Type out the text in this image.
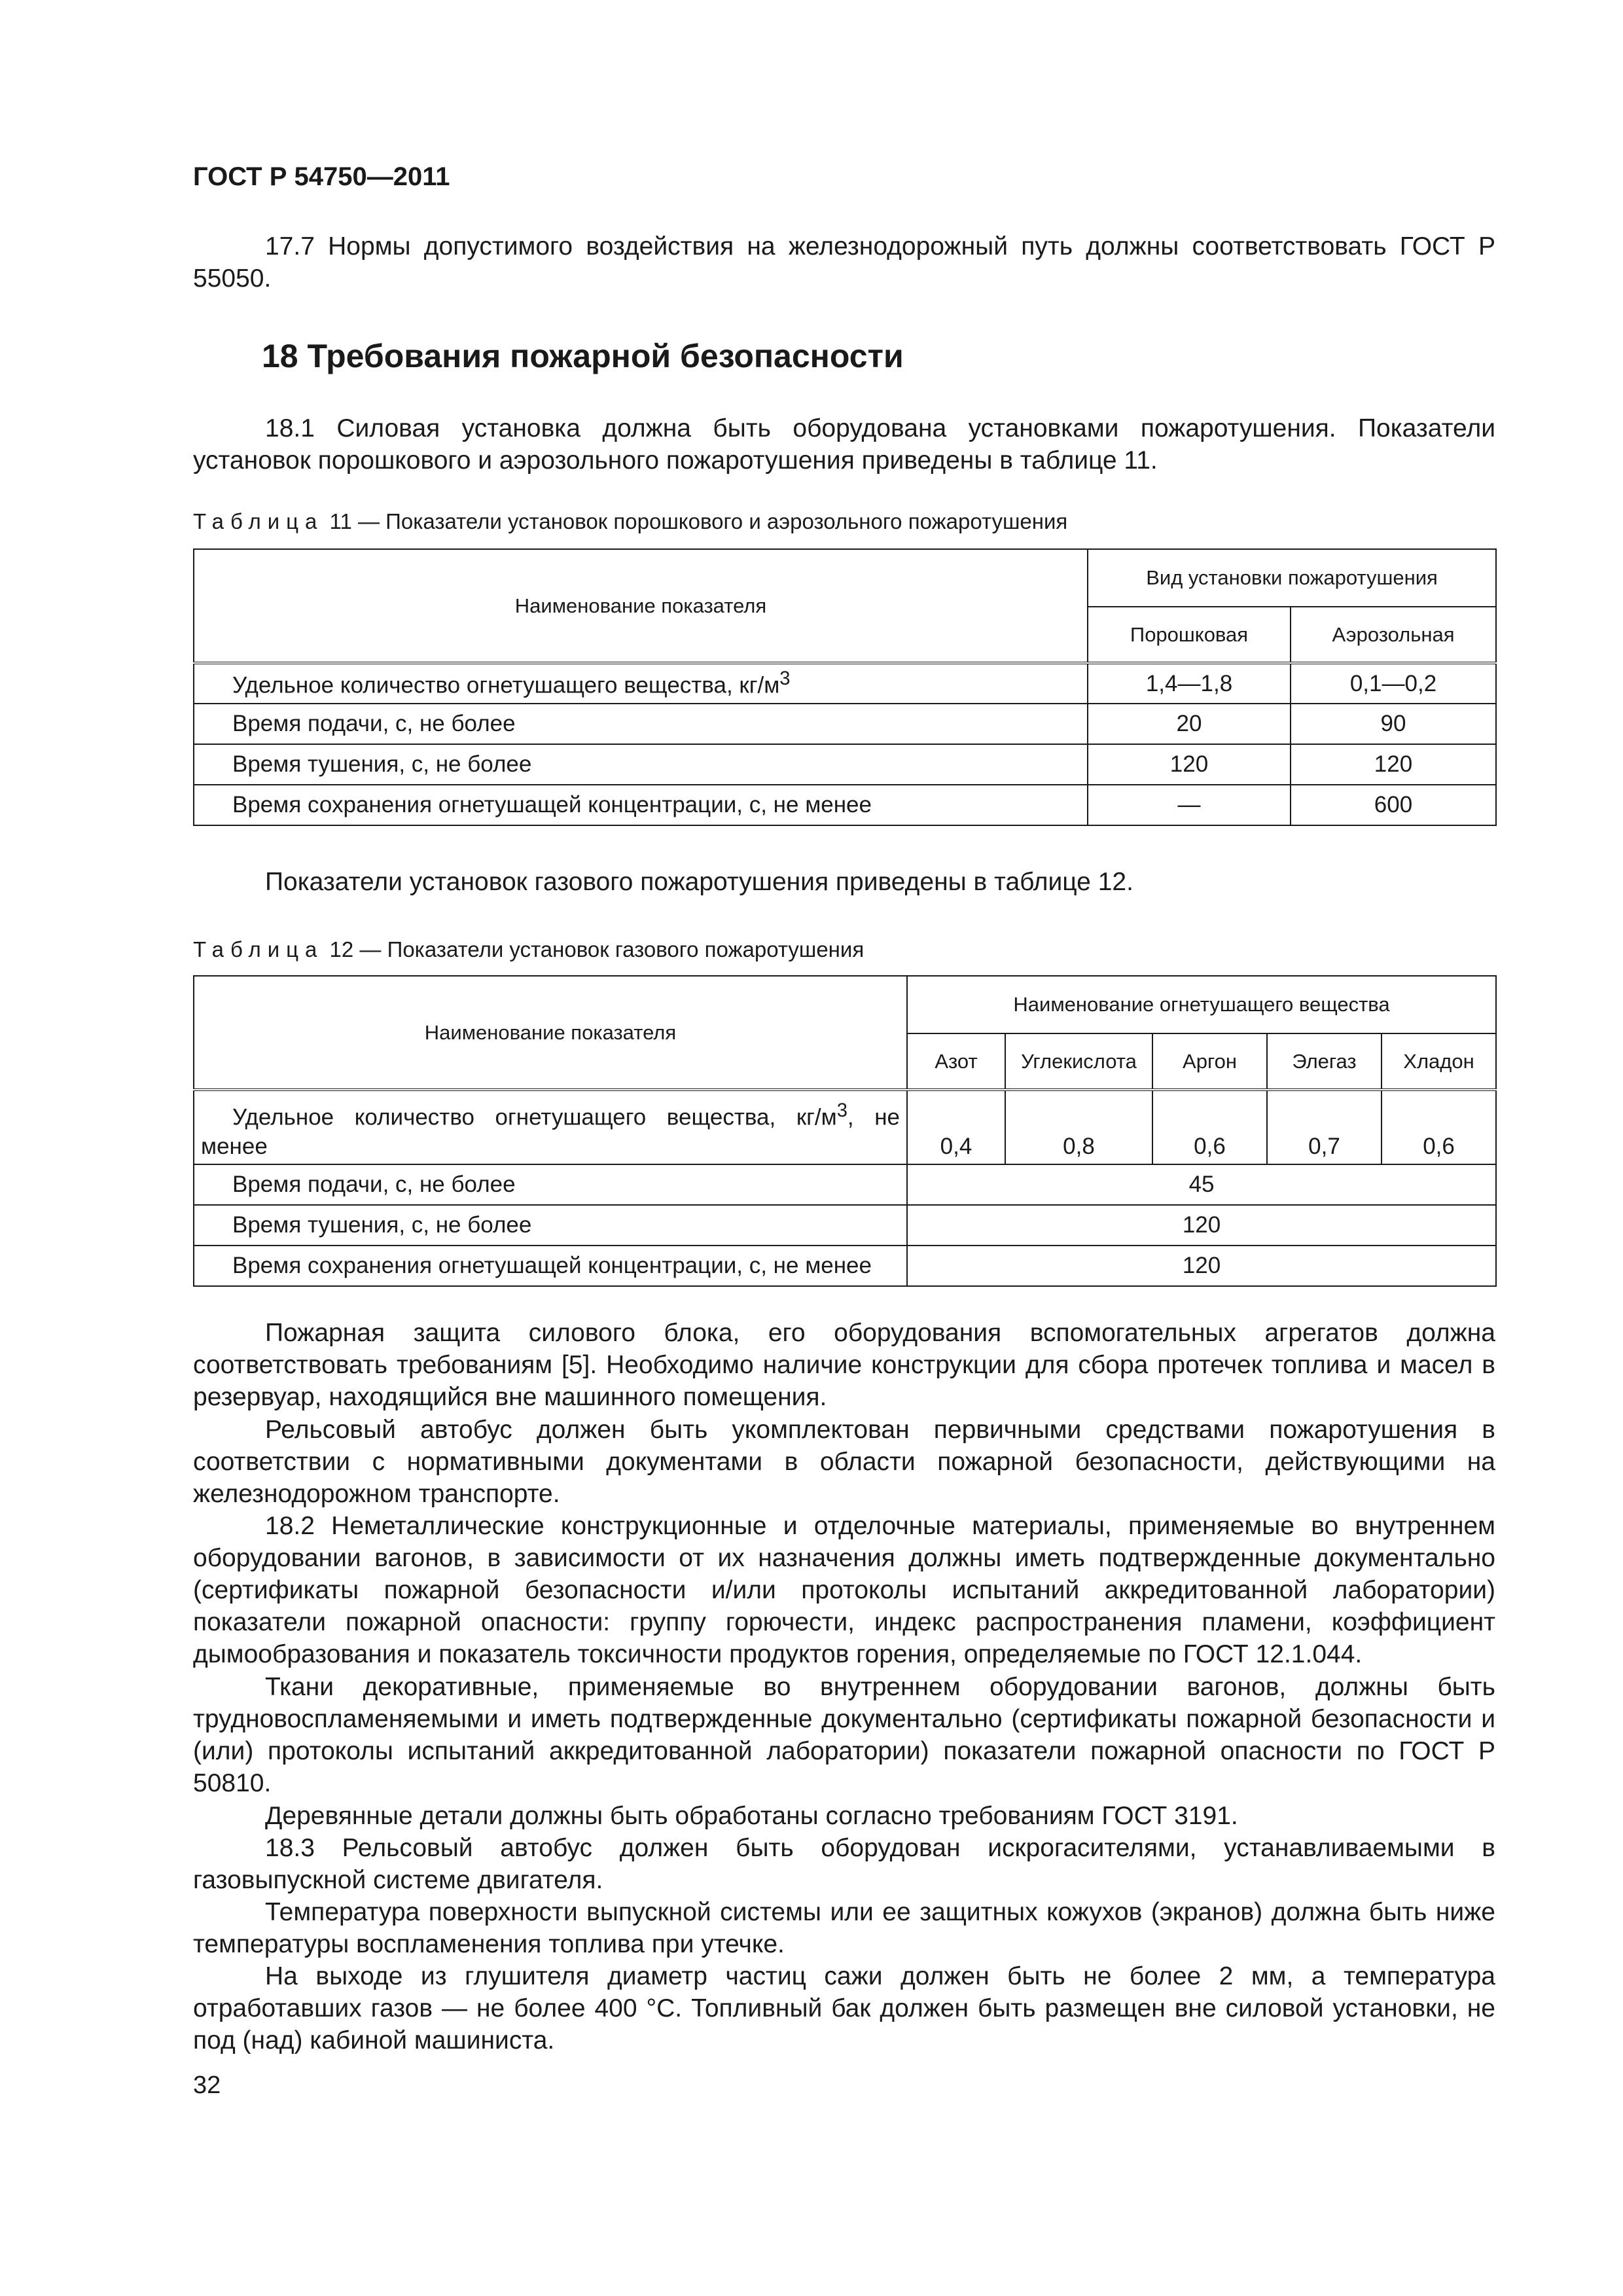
ГОСТ Р 54750—2011

17.7 Нормы допустимого воздействия на железнодорожный путь должны соответствовать ГОСТ Р 55050.

18 Требования пожарной безопасности

18.1 Силовая установка должна быть оборудована установками пожаротушения. Показатели установок порошкового и аэрозольного пожаротушения приведены в таблице 11.

Таблица 11 — Показатели установок порошкового и аэрозольного пожаротушения
Наименование показателя	Вид установки пожаротушения	
	Порошковая	Аэрозольная
Удельное количество огнетушащего вещества, $кг/м^3$	1,4—1,8	0,1—0,2
Время подачи, с, не более	20	90
Время тушения, с, не более	120	120
Время сохранения огнетушащей концентрации, с, не менее	—	600

Показатели установок газового пожаротушения приведены в таблице 12.

Таблица 12 — Показатели установок газового пожаротушения
Наименование показателя	Наименование огнетушащего вещества				
	Азот	Углекислота	Аргон	Элегаз	Хладон

Удельное количество огнетушащего вещества, $кг/м^3$, не менее	0,4	0,8	0,6	0,7	0,6
Время подачи, с, не более	45				
Время тушения, с, не более	120				
Время сохранения огнетушащей концентрации, с, не менее	120				

Пожарная защита силового блока, его оборудования вспомогательных агрегатов должна соответствовать требованиям [5]. Необходимо наличие конструкции для сбора протечек топлива и масел в резервуар, находящийся вне машинного помещения.

Рельсовый автобус должен быть укомплектован первичными средствами пожаротушения в соответствии с нормативными документами в области пожарной безопасности, действующими на железнодорожном транспорте.

18.2 Неметаллические конструкционные и отделочные материалы, применяемые во внутреннем оборудовании вагонов, в зависимости от их назначения должны иметь подтвержденные документально (сертификаты пожарной безопасности и/или протоколы испытаний аккредитованной лаборатории) показатели пожарной опасности: группу горючести, индекс распространения пламени, коэффициент дымообразования и показатель токсичности продуктов горения, определяемые по ГОСТ 12.1.044.

Ткани декоративные, применяемые во внутреннем оборудовании вагонов, должны быть трудновоспламеняемыми и иметь подтвержденные документально (сертификаты пожарной безопасности и (или) протоколы испытаний аккредитованной лаборатории) показатели пожарной опасности по ГОСТ Р 50810.

Деревянные детали должны быть обработаны согласно требованиям ГОСТ 3191.

18.3 Рельсовый автобус должен быть оборудован искрогасителями, устанавливаемыми в газовыпускной системе двигателя.

Температура поверхности выпускной системы или ее защитных кожухов (экранов) должна быть ниже температуры воспламенения топлива при утечке.

На выходе из глушителя диаметр частиц сажи должен быть не более 2 мм, а температура отработавших газов — не более 400 °С. Топливный бак должен быть размещен вне силовой установки, не под (над) кабиной машиниста.

32
